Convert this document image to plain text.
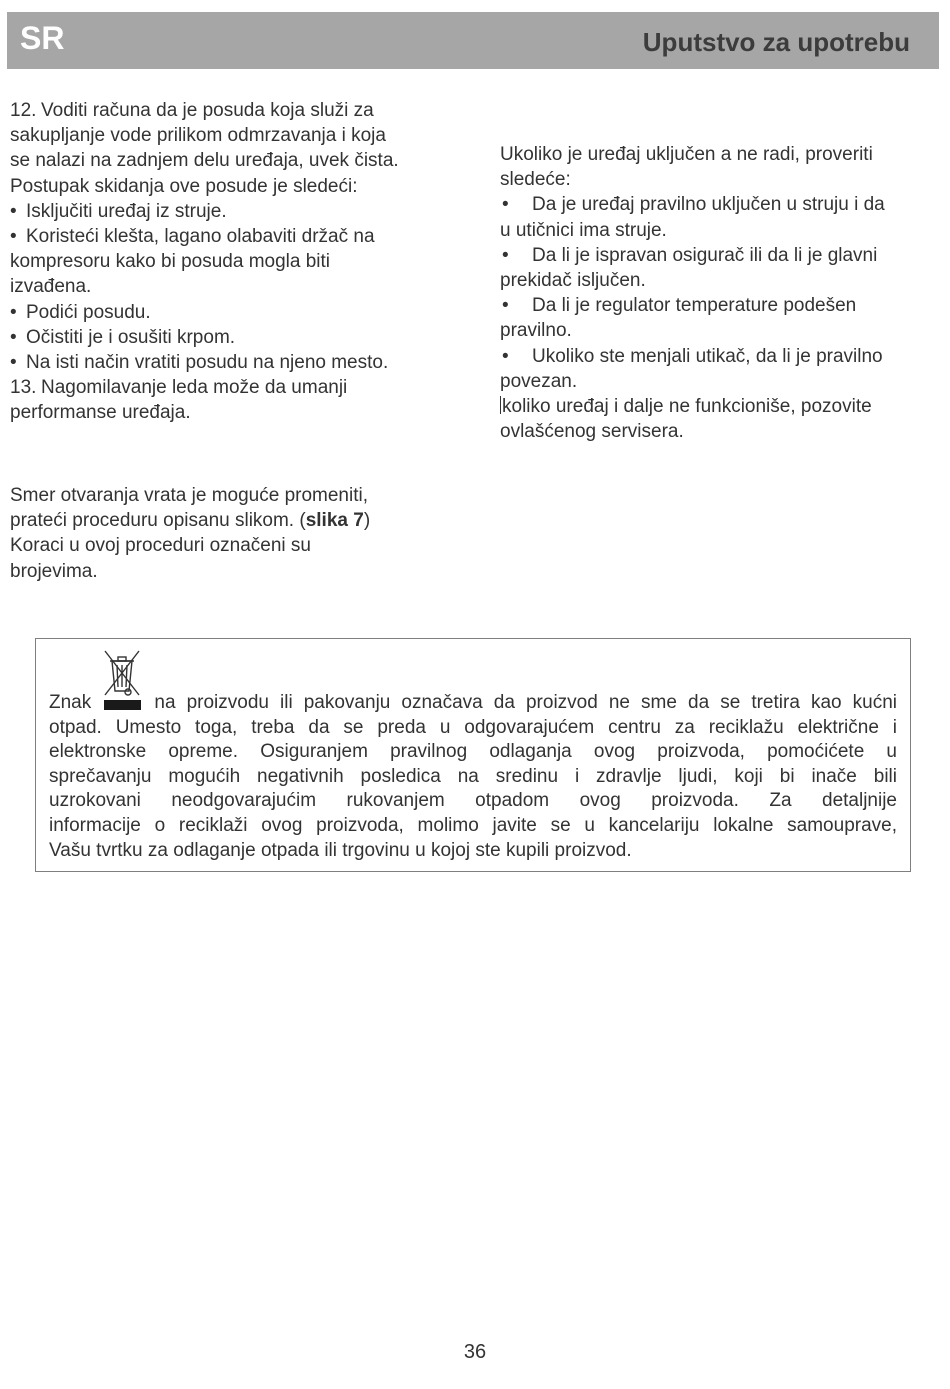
SR	Uputstvo za upotrebu

12. Voditi računa da je posuda koja služi za

sakupljanje vode prilikom odmrzavanja i koja

se nalazi na zadnjem delu uređaja, uvek čista.

Postupak skidanja ove posude je sledeći:

• Isključiti uređaj iz struje.

• Koristeći klešta, lagano olabaviti držač na

kompresoru kako bi posuda mogla biti

izvađena.

• Podići posudu.

• Očistiti je i osušiti krpom.

• Na isti način vratiti posudu na njeno mesto.

13. Nagomilavanje leda može da umanji

performanse uređaja.

Smer otvaranja vrata je moguće promeniti,

prateći proceduru opisanu slikom. (slika 7)

Koraci u ovoj proceduri označeni su

brojevima.

Ukoliko je uređaj uključen a ne radi, proveriti

sledeće:

• Da je uređaj pravilno uključen u struju i da

u utičnici ima struje.

• Da li je ispravan osigurač ili da li je glavni

prekidač isljučen.

• Da li je regulator temperature podešen

pravilno.

• Ukoliko ste menjali utikač, da li je pravilno

povezan.

koliko uređaj i dalje ne funkcioniše, pozovite

ovlašćenog servisera.

Znak	na proizvodu ili pakovanju označava da proizvod ne sme da se tretira kao kućni

otpad. Umesto toga, treba da se preda u odgovarajućem centru za reciklažu električne i

elektronske opreme. Osiguranjem pravilnog odlaganja ovog proizvoda, pomoćićete u

sprečavanju mogućih negativnih posledica na sredinu i zdravlje ljudi, koji bi inače bili

uzrokovani neodgovarajućim rukovanjem otpadom ovog proizvoda. Za detaljnije

informacije o reciklaži ovog proizvoda, molimo javite se u kancelariju lokalne samouprave,

Vašu tvrtku za odlaganje otpada ili trgovinu u kojoj ste kupili proizvod.

36
